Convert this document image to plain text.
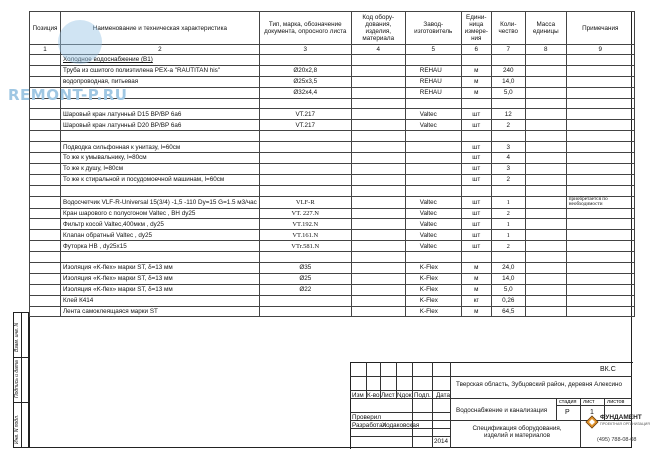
Позиция	Наименование и техническая характеристика	Тип, марка, обозначение документа, опросного листа	Код обору- дования, изделия, материала	Завод- изготовитель	Едини- ница измере- ния	Коли- чество	Масса единицы	Примечания
1	2	3	4	5	6	7	8	9
	Холодное водоснабжение (В1)							
	Труба из сшитого полиэтилена PEX-a "RAUTITAN his"	Ø20х2,8		REHAU	м	240		
	водопроводная, питьевая	Ø25х3,5		REHAU	м	14,0		
		Ø32х4,4		REHAU	м	5,0		

	Шаровый кран латунный D15 ВР/ВР 6а6	VT.217		Valtec	шт	12		
	Шаровый кран латунный D20 ВР/ВР 6а6	VT.217		Valtec	шт	2		

	Подводка сильфонная к унитазу, l=60см				шт	3		
	То же к умывальнику, l=80см				шт	4		
	То же к душу, l=80см				шт	3		
	То же к стиральной и посудомоечной машинам, l=60см				шт	2		

	Водосчетчик VLF-R-Universal 15(3/4) -1,5 -110 Dy=15 G=1.5 м3/час	VLF-R		Valtec	шт	1		приобретается по необходимости
	Кран шарового с полусгоном Valtec , ВН dy25	VT. 227.N		Valtec	шт	2		
	Фильтр косой Valtec,400мкм , dy25	VT.192.N		Valtec	шт	1		
	Клапан обратный Valtec , dy25	VT.161.N		Valtec	шт	1		
	Футорка НВ , dy25х15	VTr.581.N		Valtec	шт	2		

	Изоляция «K-flex» марки ST, δ=13 мм	Ø35		K-Flex	м	24,0		
	Изоляция «K-flex» марки ST, δ=13 мм	Ø25		K-Flex	м	14,0		
	Изоляция «K-flex» марки ST, δ=13 мм	Ø22		K-Flex	м	5,0		
	Клей К414			K-Flex	кг	0,26		
	Лента самоклеящаяся марки ST			K-Flex	м	64,5		
REMONT-P.RU
Взам. инв. N
Подпись и дата
Инв. N подл.
Изм К-во Лист Nдок Подп. Дата
Проверил
Разработал
Ходаковская
2014
ВК.С
Тверская область, Зубцовский район, деревня Алексино
Водоснабжение и канализация
стадия лист листов
Р	1
Спецификация оборудования, изделий и материалов
ФУНДАМЕНТ
ПРОЕКТНАЯ ОРГАНИЗАЦИЯ
(495) 788-08-08
